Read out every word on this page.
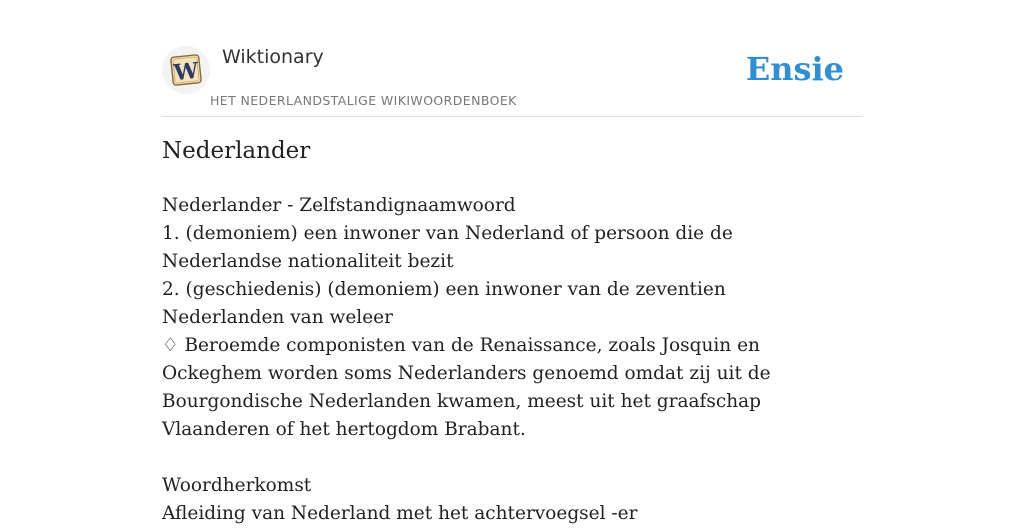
W
Wiktionary
HET NEDERLANDSTALIGE WIKIWOORDENBOEK
Ensie
Nederlander
Nederlander - Zelfstandignaamwoord
1. (demoniem) een inwoner van Nederland of persoon die de Nederlandse nationaliteit bezit
2. (geschiedenis) (demoniem) een inwoner van de zeventien Nederlanden van weleer
♢ Beroemde componisten van de Renaissance, zoals Josquin en Ockeghem worden soms Nederlanders genoemd omdat zij uit de Bourgondische Nederlanden kwamen, meest uit het graafschap Vlaanderen of het hertogdom Brabant.
Woordherkomst
Afleiding van Nederland met het achtervoegsel -er
